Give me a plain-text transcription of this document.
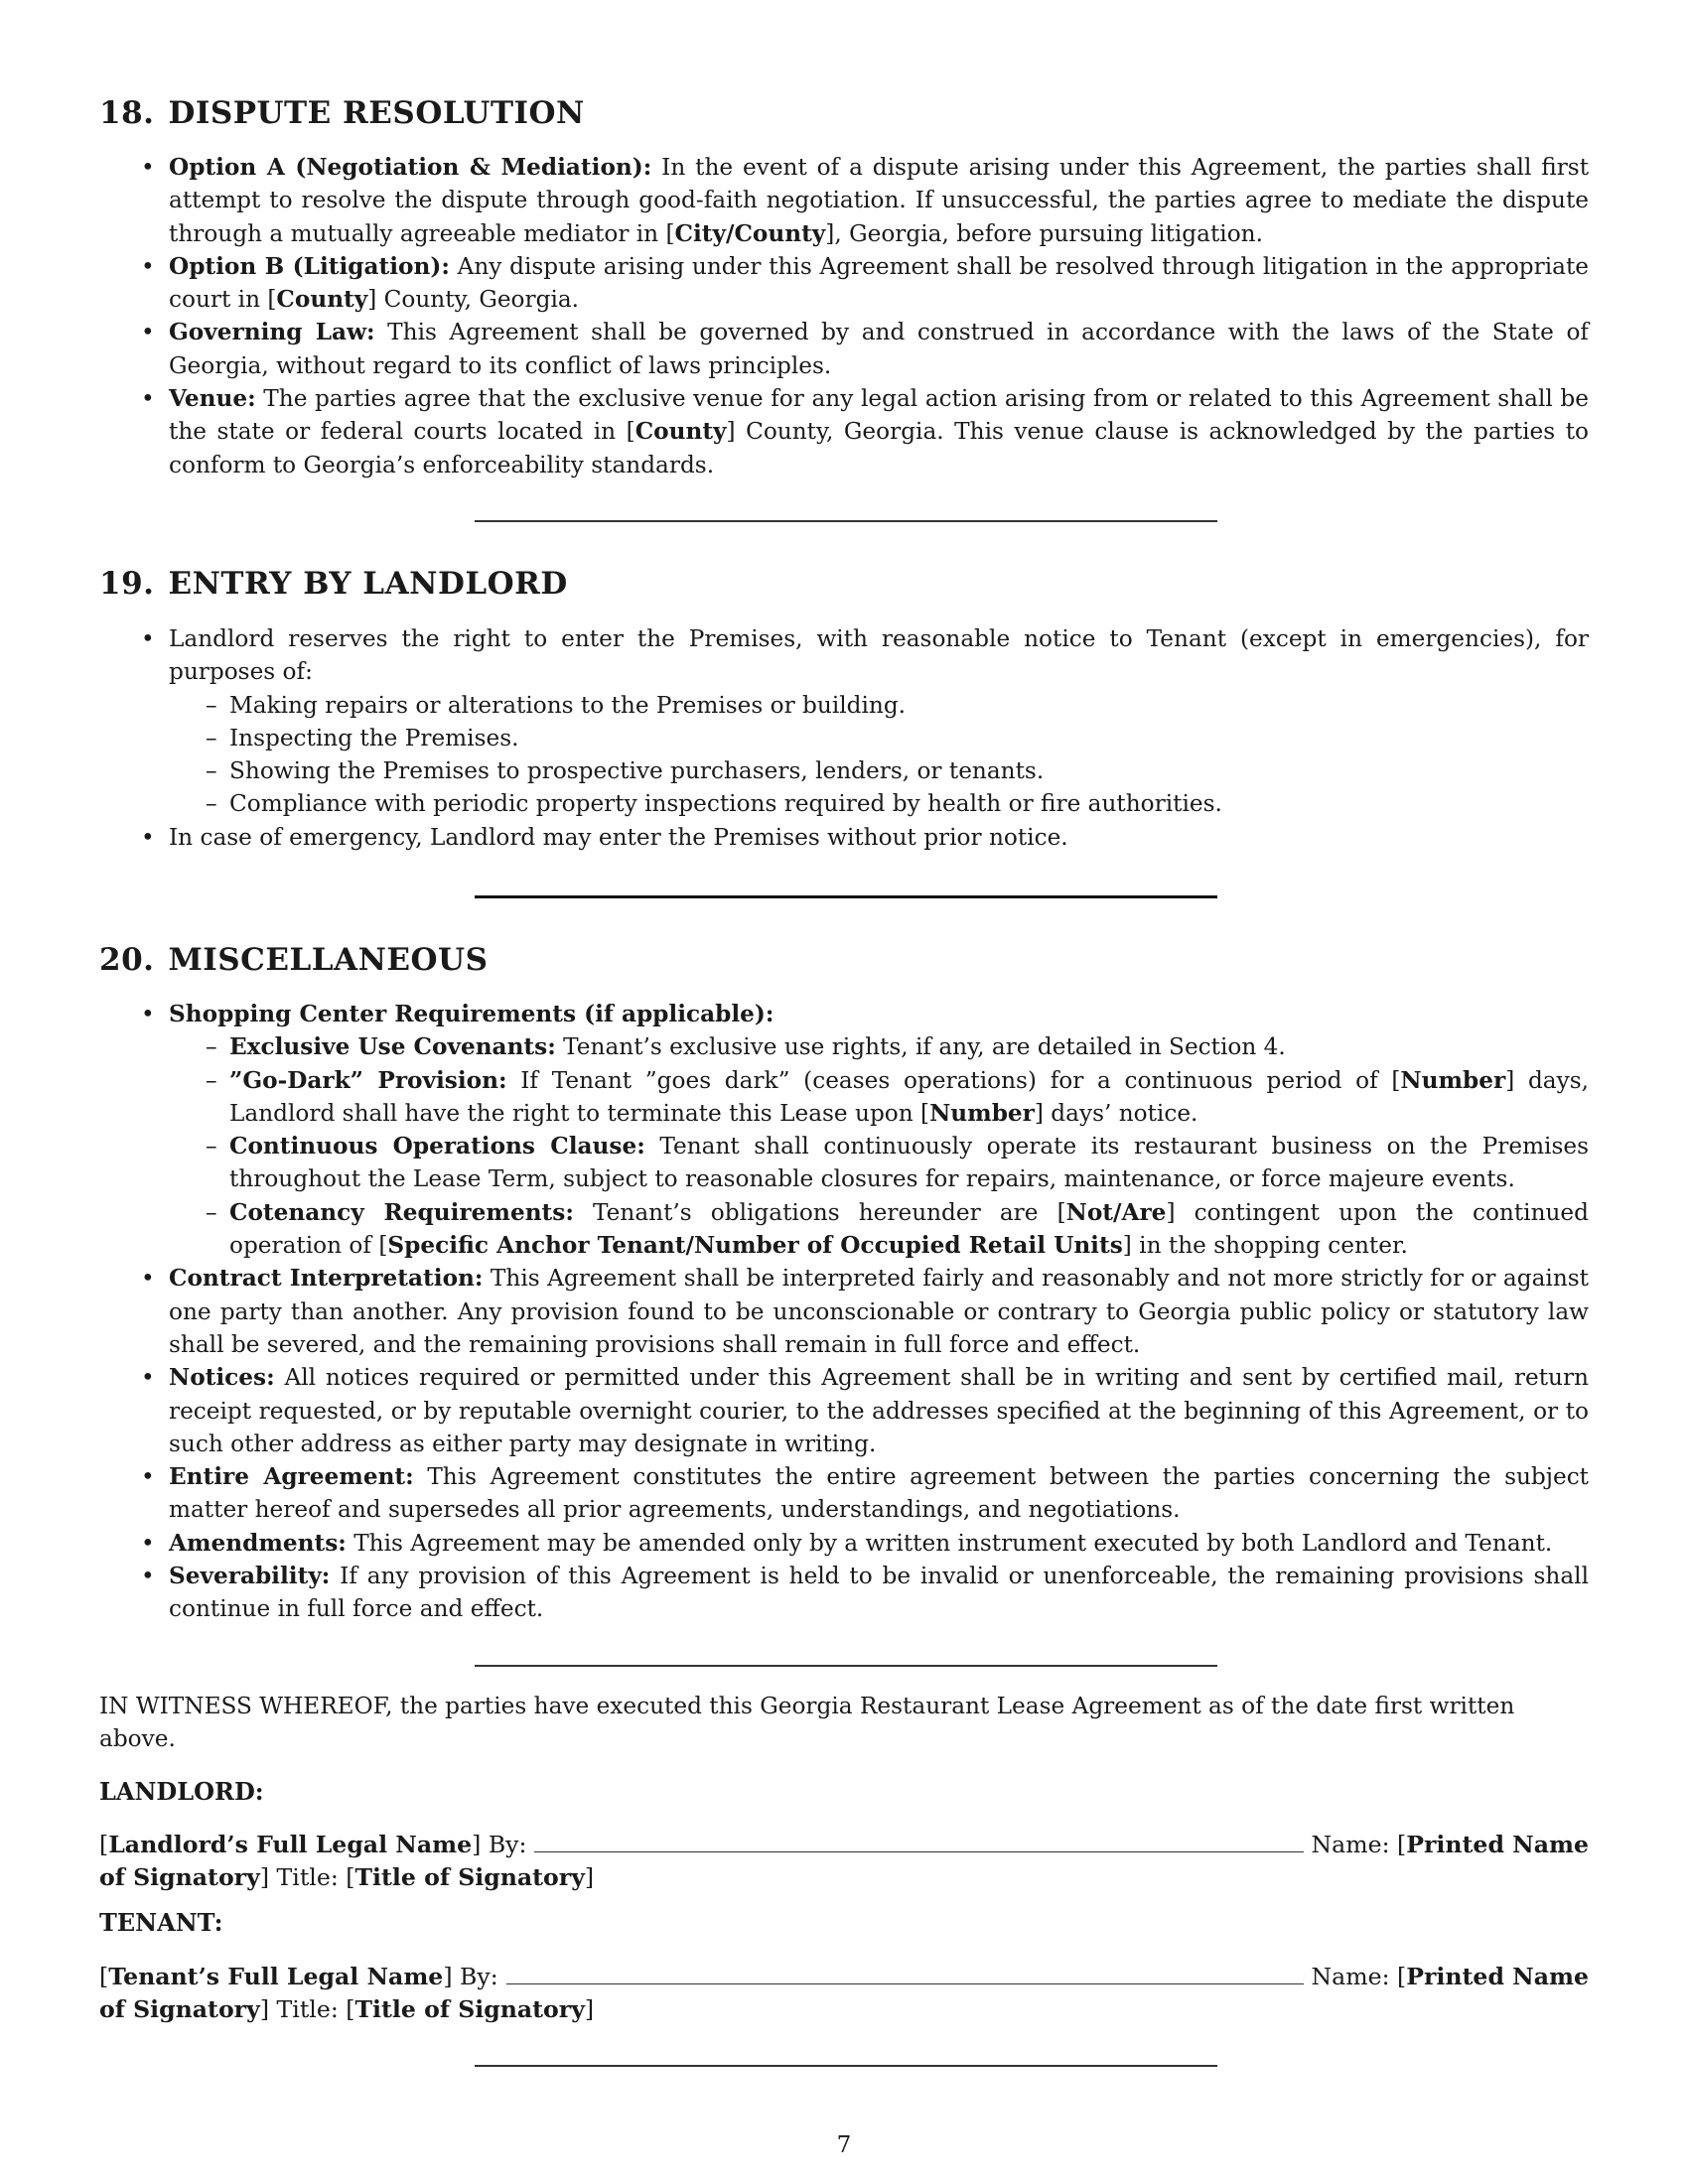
18. DISPUTE RESOLUTION
• Option A (Negotiation & Mediation): In the event of a dispute arising under this Agreement, the parties shall first attempt to resolve the dispute through good-faith negotiation. If unsuccessful, the parties agree to mediate the dispute through a mutually agreeable mediator in [City/County], Georgia, before pursuing litigation.
• Option B (Litigation): Any dispute arising under this Agreement shall be resolved through litigation in the appropriate court in [County] County, Georgia.
• Governing Law: This Agreement shall be governed by and construed in accordance with the laws of the State of Georgia, without regard to its conflict of laws principles.
• Venue: The parties agree that the exclusive venue for any legal action arising from or related to this Agreement shall be the state or federal courts located in [County] County, Georgia. This venue clause is acknowledged by the parties to conform to Georgia’s enforceability standards.
19. ENTRY BY LANDLORD
• Landlord reserves the right to enter the Premises, with reasonable notice to Tenant (except in emergencies), for purposes of:
– Making repairs or alterations to the Premises or building.
– Inspecting the Premises.
– Showing the Premises to prospective purchasers, lenders, or tenants.
– Compliance with periodic property inspections required by health or fire authorities.
• In case of emergency, Landlord may enter the Premises without prior notice.
20. MISCELLANEOUS
• Shopping Center Requirements (if applicable):
– Exclusive Use Covenants: Tenant’s exclusive use rights, if any, are detailed in Section 4.
– ”Go-Dark” Provision: If Tenant ”goes dark” (ceases operations) for a continuous period of [Number] days, Landlord shall have the right to terminate this Lease upon [Number] days’ notice.
– Continuous Operations Clause: Tenant shall continuously operate its restaurant business on the Premises throughout the Lease Term, subject to reasonable closures for repairs, maintenance, or force majeure events.
– Cotenancy Requirements: Tenant’s obligations hereunder are [Not/Are] contingent upon the continued operation of [Specific Anchor Tenant/Number of Occupied Retail Units] in the shopping center.
• Contract Interpretation: This Agreement shall be interpreted fairly and reasonably and not more strictly for or against one party than another. Any provision found to be unconscionable or contrary to Georgia public policy or statutory law shall be severed, and the remaining provisions shall remain in full force and effect.
• Notices: All notices required or permitted under this Agreement shall be in writing and sent by certified mail, return receipt requested, or by reputable overnight courier, to the addresses specified at the beginning of this Agreement, or to such other address as either party may designate in writing.
• Entire Agreement: This Agreement constitutes the entire agreement between the parties concerning the subject matter hereof and supersedes all prior agreements, understandings, and negotiations.
• Amendments: This Agreement may be amended only by a written instrument executed by both Landlord and Tenant.
• Severability: If any provision of this Agreement is held to be invalid or unenforceable, the remaining provisions shall continue in full force and effect.

IN WITNESS WHEREOF, the parties have executed this Georgia Restaurant Lease Agreement as of the date first written above.

LANDLORD:
[ Landlord’s Full Legal Name ]
By:	Name:
[ Printed Name
of Signatory] Title: [Title of Signatory]
TENANT:
[ Tenant’s Full Legal Name ]
By:	Name:
[ Printed Name
of Signatory] Title: [Title of Signatory]
7
